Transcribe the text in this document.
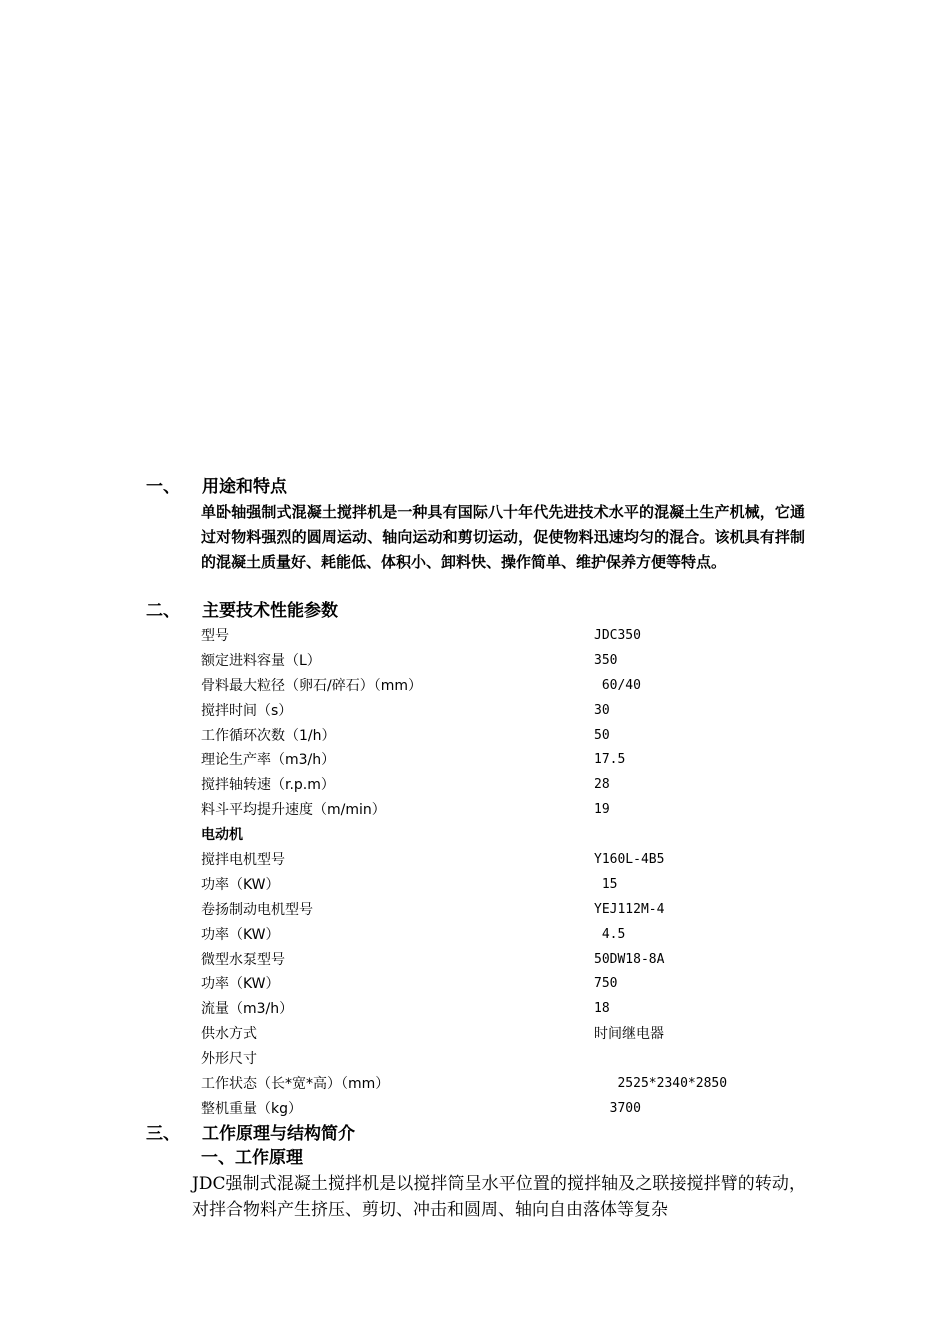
一、 用途和特点
单卧轴强制式混凝土搅拌机是一种具有国际八十年代先进技术水平的混凝土生产机械，它通过对物料强烈的圆周运动、轴向运动和剪切运动，促使物料迅速均匀的混合。该机具有拌制的混凝土质量好、耗能低、体积小、卸料快、操作简单、维护保养方便等特点。
二、 主要技术性能参数
型号	JDC350
额定进料容量（L）	350
骨料最大粒径（卵石/碎石）（mm）	60/40
搅拌时间（s）	30
工作循环次数（1/h）	50
理论生产率（m3/h）	17.5
搅拌轴转速（r.p.m）	28
料斗平均提升速度（m/min）	19
电动机
搅拌电机型号	Y160L-4B5
功率（KW）	15
卷扬制动电机型号	YEJ112M-4
功率（KW）	4.5
微型水泵型号	50DW18-8A
功率（KW）	750
流量（m3/h）	18
供水方式	时间继电器
外形尺寸
工作状态（长*宽*高）（mm）	2525*2340*2850
整机重量（kg）	3700
三、 工作原理与结构简介
一、工作原理
JDC强制式混凝土搅拌机是以搅拌筒呈水平位置的搅拌轴及之联接搅拌臂的转动，对拌合物料产生挤压、剪切、冲击和圆周、轴向自由落体等复杂
